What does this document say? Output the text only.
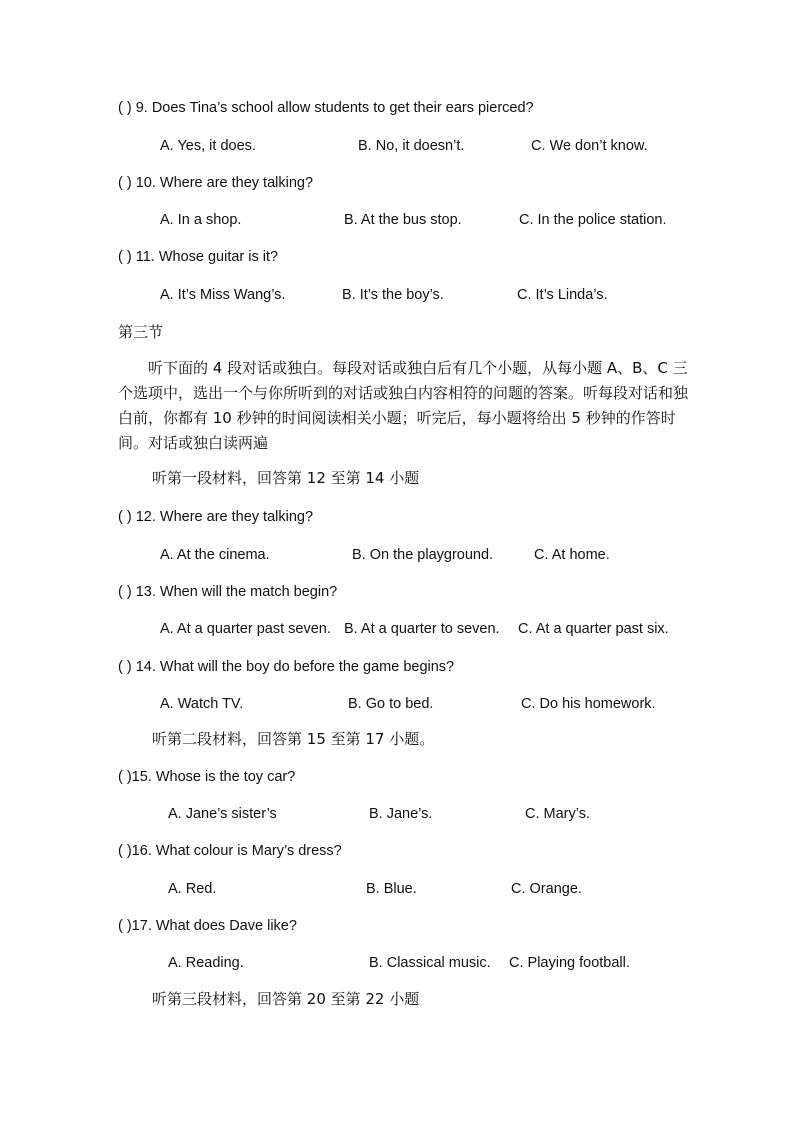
( ) 9. Does Tina’s school allow students to get their ears pierced?
A. Yes, it does.	B. No, it doesn’t.	C. We don’t know.
( ) 10. Where are they talking?
A. In a shop.	B. At the bus stop.	C. In the police station.
( ) 11. Whose guitar is it?
A. It’s Miss Wang’s.	B. It’s the boy’s.	C. It’s Linda’s.
第三节
听下面的 4 段对话或独白。每段对话或独白后有几个小题，从每小题 A、B、C 三个选项中，选出一个与你所听到的对话或独白内容相符的问题的答案。听每段对话和独白前，你都有 10 秒钟的时间阅读相关小题；听完后，每小题将给出 5 秒钟的作答时间。对话或独白读两遍
听第一段材料，回答第 12 至第 14 小题
( ) 12. Where are they talking?
A. At the cinema.	B. On the playground.	C. At home.
( ) 13. When will the match begin?
A. At a quarter past seven. B. At a quarter to seven. C. At a quarter past six.
( ) 14. What will the boy do before the game begins?
A. Watch TV.	B. Go to bed.	C. Do his homework.
听第二段材料，回答第 15 至第 17 小题。
( )15. Whose is the toy car?
A. Jane’s sister’s	B. Jane’s.	C. Mary’s.
( )16. What colour is Mary’s dress?
A. Red.	B. Blue.	C. Orange.
( )17. What does Dave like?
A. Reading.	B. Classical music. C. Playing football.
听第三段材料，回答第 20 至第 22 小题
